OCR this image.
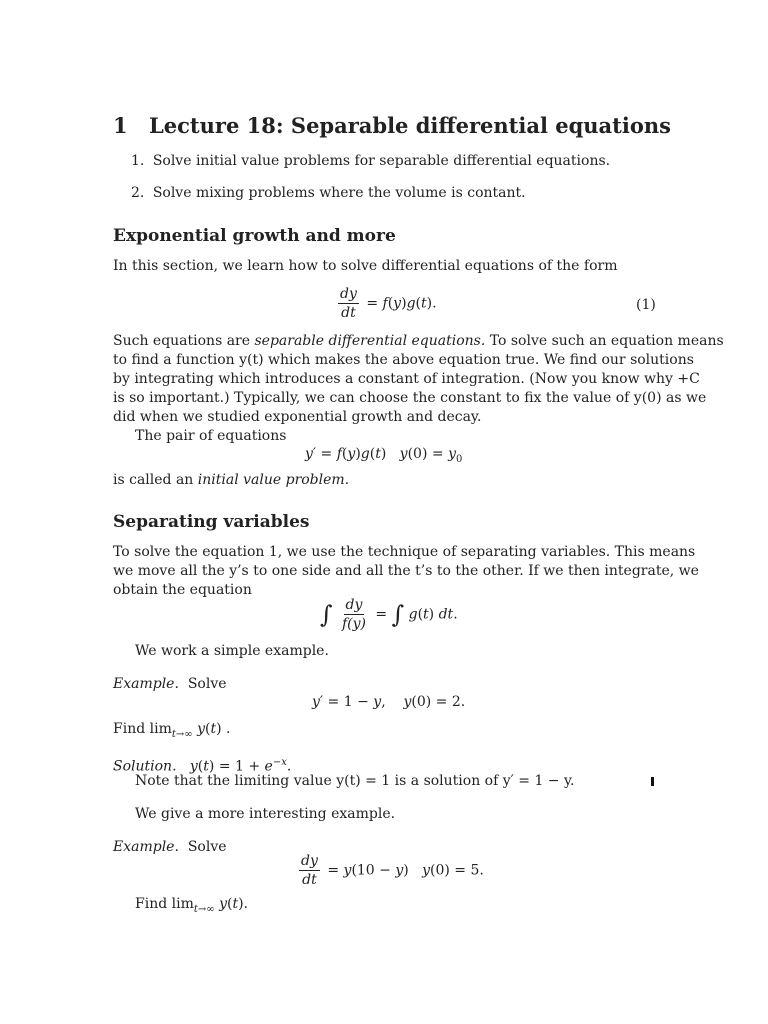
1 Lecture 18: Separable differential equations
1. Solve initial value problems for separable differential equations.
2. Solve mixing problems where the volume is contant.
Exponential growth and more
In this section, we learn how to solve differential equations of the form
$\frac{dy}{dt} = f(y)g(t)$.	(1)
Such equations are separable differential equations. To solve such an equation means
to find a function y(t) which makes the above equation true. We find our solutions
by integrating which introduces a constant of integration. (Now you know why +C
is so important.) Typically, we can choose the constant to fix the value of y(0) as we
did when we studied exponential growth and decay.
The pair of equations
y′ = f(y)g(t)   $y(0) = y_0$
is called an initial value problem.
Separating variables
To solve the equation 1, we use the technique of separating variables. This means
we move all the y’s to one side and all the t’s to the other. If we then integrate, we
obtain the equation
∫ $\frac{dy}{f(y)}$ = ∫ g(t) dt.
We work a simple example.
Example. Solve
y′ = 1 − y,    y(0) = 2.
Find $\lim_{t\to\infty} y(t)$ .
Solution. $y(t) = 1 + e^{-x}$.
Note that the limiting value y(t) = 1 is a solution of y′ = 1 − y.
We give a more interesting example.
Example. Solve
$\frac{dy}{dt} = y(10 - y) y(0) = 5$.
Find $\lim_{t\to\infty} y(t)$.
